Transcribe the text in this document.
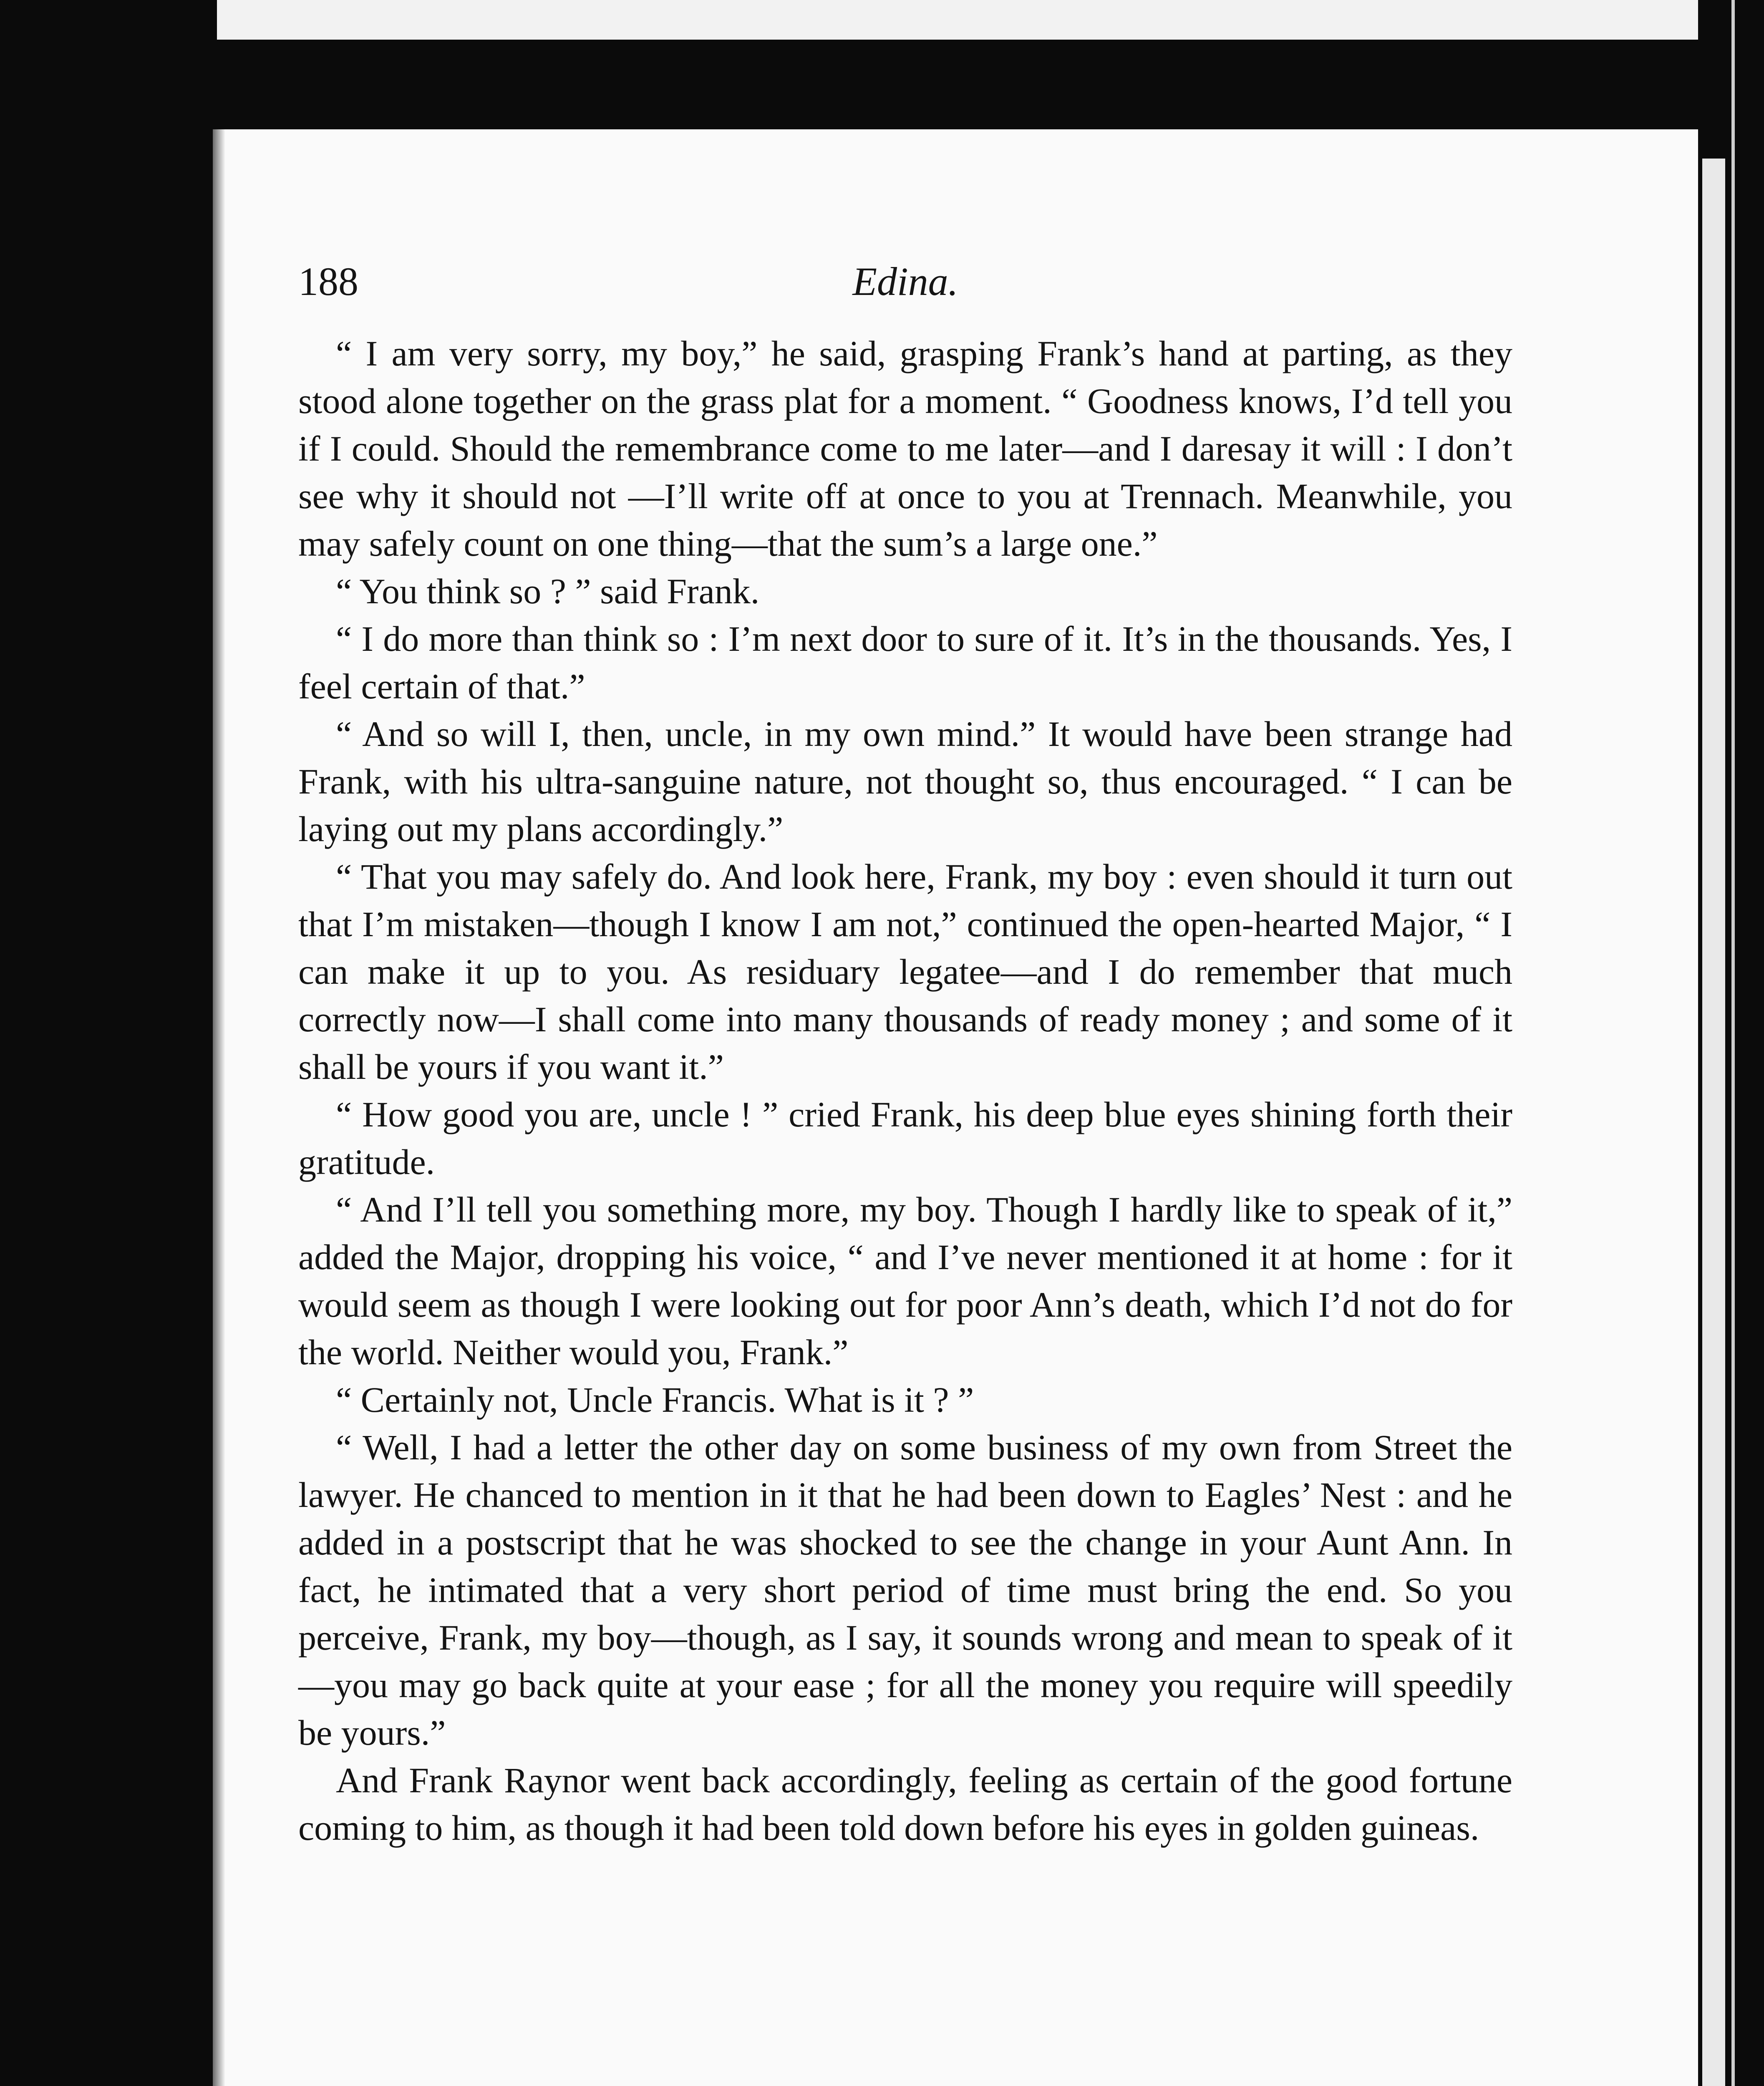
188	Edina.

“ I am very sorry, my boy,” he said, grasping Frank’s hand at parting, as they stood alone together on the grass plat for a moment. “ Goodness knows, I’d tell you if I could. Should the remembrance come to me later—and I daresay it will : I don’t see why it should not —I’ll write off at once to you at Trennach. Meanwhile, you may safely count on one thing—that the sum’s a large one.”

“ You think so ? ” said Frank.

“ I do more than think so : I’m next door to sure of it. It’s in the thousands. Yes, I feel certain of that.”

“ And so will I, then, uncle, in my own mind.” It would have been strange had Frank, with his ultra-sanguine nature, not thought so, thus encouraged. “ I can be laying out my plans accordingly.”

“ That you may safely do. And look here, Frank, my boy : even should it turn out that I’m mistaken—though I know I am not,” continued the open-hearted Major, “ I can make it up to you. As residuary legatee—and I do remember that much correctly now—I shall come into many thousands of ready money ; and some of it shall be yours if you want it.”

“ How good you are, uncle ! ” cried Frank, his deep blue eyes shining forth their gratitude.

“ And I’ll tell you something more, my boy. Though I hardly like to speak of it,” added the Major, dropping his voice, “ and I’ve never mentioned it at home : for it would seem as though I were looking out for poor Ann’s death, which I’d not do for the world. Neither would you, Frank.”

“ Certainly not, Uncle Francis. What is it ? ”

“ Well, I had a letter the other day on some business of my own from Street the lawyer. He chanced to mention in it that he had been down to Eagles’ Nest : and he added in a postscript that he was shocked to see the change in your Aunt Ann. In fact, he intimated that a very short period of time must bring the end. So you perceive, Frank, my boy—though, as I say, it sounds wrong and mean to speak of it—you may go back quite at your ease ; for all the money you require will speedily be yours.”

And Frank Raynor went back accordingly, feeling as certain of the good fortune coming to him, as though it had been told down before his eyes in golden guineas.
